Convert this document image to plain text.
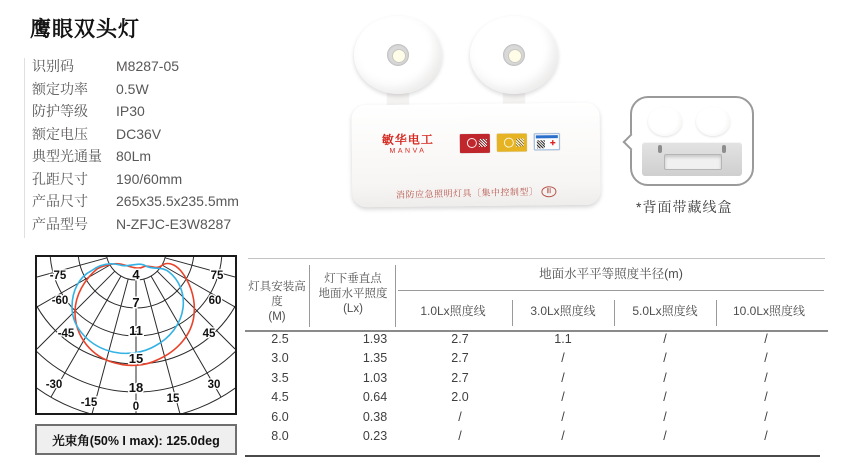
鹰眼双头灯
识别码	M8287-05
额定功率	0.5W
防护等级	IP30
额定电压	DC36V
典型光通量	80Lm
孔距尺寸	190/60mm
产品尺寸	265x35.5x235.5mm
产品型号	N-ZFJC-E3W8287
敏华电工
MANVA
✚
消防应急照明灯具〔集中控制型〕 Ⅲ
*背面带藏线盒
4
7
11
15
18
-75	75
-60	60
-45	45
-30	30
-15	15
0
光束角(50% I max): 125.0deg
灯具安装高度
(M)
灯下垂直点
地面水平照度
(Lx)
地面水平平等照度半径(m)
1.0Lx照度线	3.0Lx照度线	5.0Lx照度线	10.0Lx照度线
2.5	1.93	2.7	1.1	/	/
3.0	1.35	2.7	/	/	/
3.5	1.03	2.7	/	/	/
4.5	0.64	2.0	/	/	/
6.0	0.38	/	/	/	/
8.0	0.23	/	/	/	/
